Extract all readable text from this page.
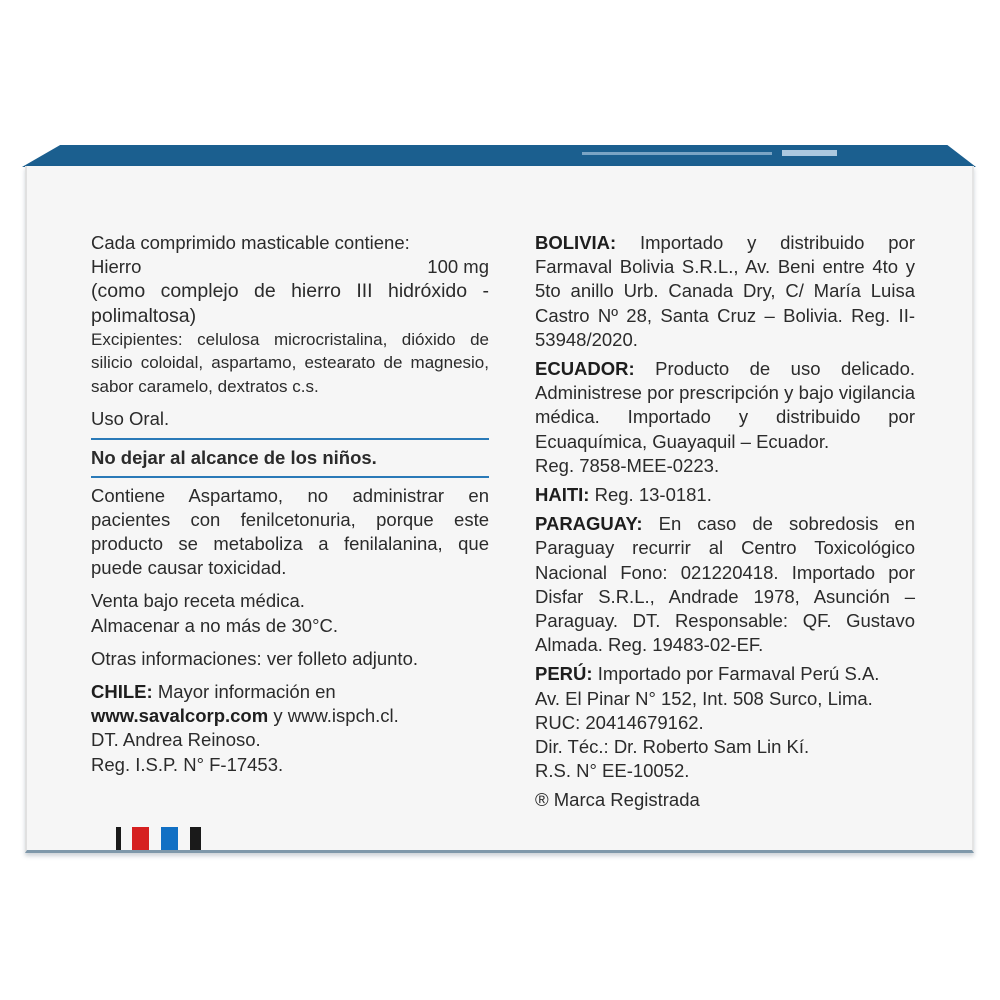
Cada comprimido masticable contiene:

Hierro	100 mg

(como complejo de hierro III hidróxido - polimaltosa)

Excipientes: celulosa microcristalina, dióxido de silicio coloidal, aspartamo, estearato de magnesio, sabor caramelo, dextratos c.s.

Uso Oral.

No dejar al alcance de los niños.

Contiene Aspartamo, no administrar en pacientes con fenilcetonuria, porque este producto se metaboliza a fenilalanina, que puede causar toxicidad.

Venta bajo receta médica.

Almacenar a no más de 30°C.

Otras informaciones: ver folleto adjunto.

CHILE: Mayor información en

www.savalcorp.com y www.ispch.cl.

DT. Andrea Reinoso.

Reg. I.S.P. N° F-17453.

BOLIVIA: Importado y distribuido por Farmaval Bolivia S.R.L., Av. Beni entre 4to y 5to anillo Urb. Canada Dry, C/ María Luisa Castro Nº 28, Santa Cruz – Bolivia. Reg. II-53948/2020.

ECUADOR: Producto de uso delicado. Administrese por prescripción y bajo vigilancia médica. Importado y distribuido por Ecuaquímica, Guayaquil – Ecuador.

Reg. 7858-MEE-0223.

HAITI: Reg. 13-0181.

PARAGUAY: En caso de sobredosis en Paraguay recurrir al Centro Toxicológico Nacional Fono: 021220418. Importado por Disfar S.R.L., Andrade 1978, Asunción – Paraguay. DT. Responsable: QF. Gustavo Almada. Reg. 19483-02-EF.

PERÚ: Importado por Farmaval Perú S.A.

Av. El Pinar N° 152, Int. 508 Surco, Lima.

RUC: 20414679162.

Dir. Téc.: Dr. Roberto Sam Lin Kí.

R.S. N° EE-10052.

® Marca Registrada
